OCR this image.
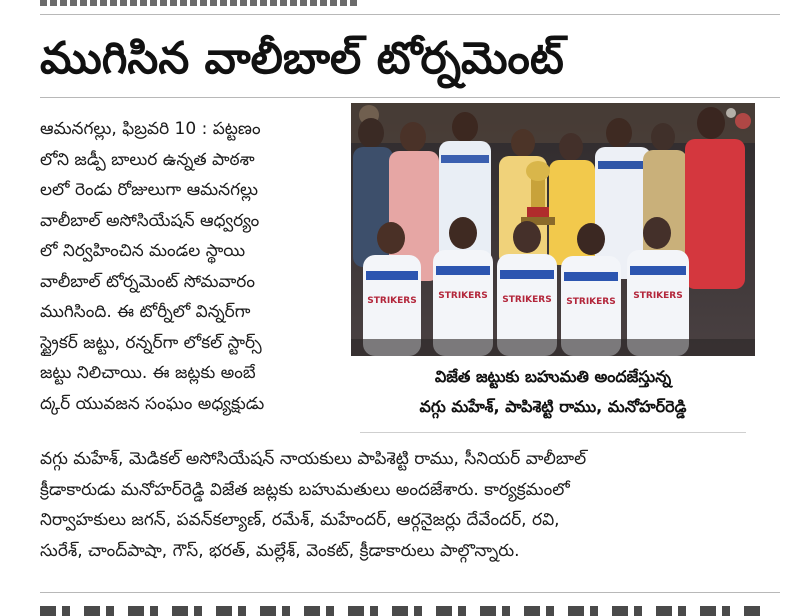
ముగిసిన వాలీబాల్ టోర్నమెంట్
ఆమనగల్లు, ఫిబ్రవరి 10 : పట్టణం
లోని జడ్పీ బాలుర ఉన్నత పాఠశా
లలో రెండు రోజులుగా ఆమనగల్లు
వాలీబాల్ అసోసియేషన్ ఆధ్వర్యం
లో నిర్వహించిన మండల స్థాయి
వాలీబాల్ టోర్నమెంట్ సోమవారం
ముగిసింది. ఈ టోర్నీలో విన్నర్‌గా
స్ట్రైకర్ జట్టు, రన్నర్‌గా లోకల్ స్టార్స్
జట్టు నిలిచాయి. ఈ జట్లకు అంబే
ద్కర్ యువజన సంఘం అధ్యక్షుడు
STRIKERS STRIKERS STRIKERS STRIKERS
STRIKERS
విజేత జట్టుకు బహుమతి అందజేస్తున్న
వగ్గు మహేశ్, పాపిశెట్టి రాము, మనోహర్‌రెడ్డి
వగ్గు మహేశ్, మెడికల్ అసోసియేషన్ నాయకులు పాపిశెట్టి రాము, సీనియర్ వాలీబాల్
క్రీడాకారుడు మనోహర్‌రెడ్డి విజేత జట్లకు బహుమతులు అందజేశారు. కార్యక్రమంలో
నిర్వాహకులు జగన్, పవన్‌కల్యాణ్, రమేశ్, మహేందర్, ఆర్గనైజర్లు దేవేందర్, రవి,
సురేశ్, చాంద్‌పాషా, గౌస్, భరత్, మల్లేశ్, వెంకట్, క్రీడాకారులు పాల్గొన్నారు.
